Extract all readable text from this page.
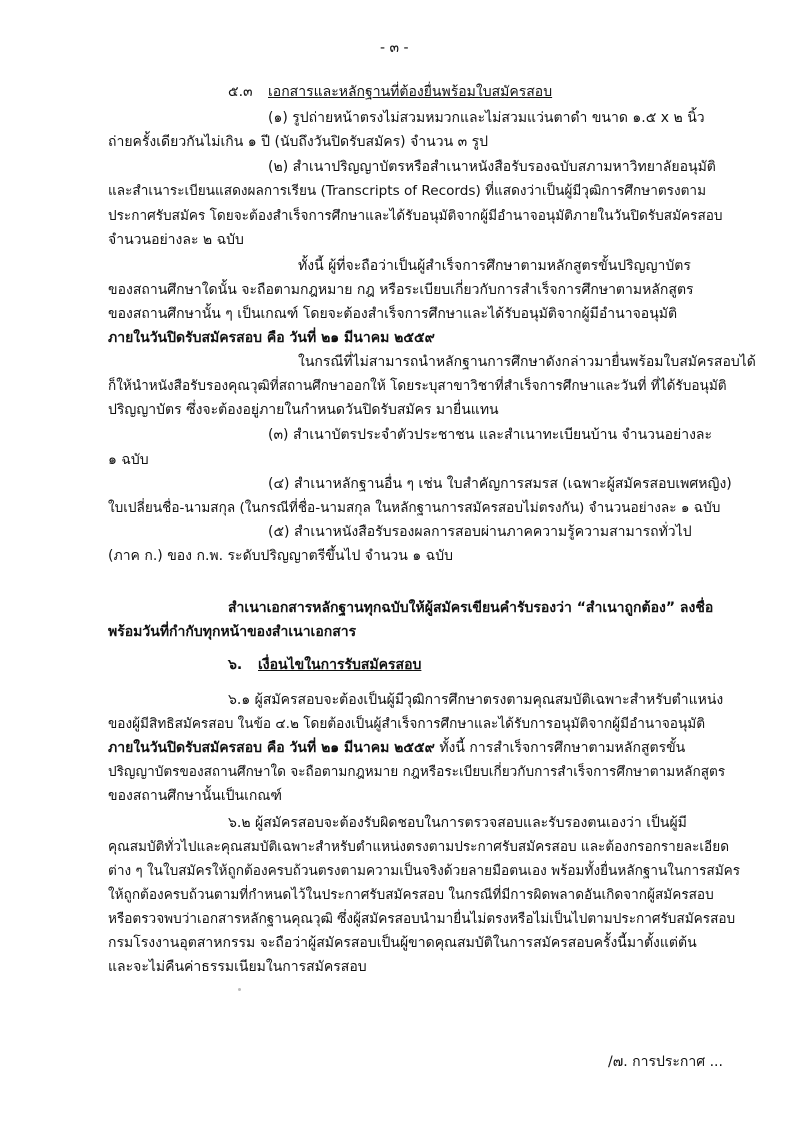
- ๓ -
๕.๓ เอกสารและหลักฐานที่ต้องยื่นพร้อมใบสมัครสอบ
(๑) รูปถ่ายหน้าตรงไม่สวมหมวกและไม่สวมแว่นตาดำ ขนาด ๑.๕ x ๒ นิ้ว
ถ่ายครั้งเดียวกันไม่เกิน ๑ ปี (นับถึงวันปิดรับสมัคร) จำนวน ๓ รูป
(๒) สำเนาปริญญาบัตรหรือสำเนาหนังสือรับรองฉบับสภามหาวิทยาลัยอนุมัติ
และสำเนาระเบียนแสดงผลการเรียน (Transcripts of Records) ที่แสดงว่าเป็นผู้มีวุฒิการศึกษาตรงตาม
ประกาศรับสมัคร โดยจะต้องสำเร็จการศึกษาและได้รับอนุมัติจากผู้มีอำนาจอนุมัติภายในวันปิดรับสมัครสอบ
จำนวนอย่างละ ๒ ฉบับ
ทั้งนี้ ผู้ที่จะถือว่าเป็นผู้สำเร็จการศึกษาตามหลักสูตรขั้นปริญญาบัตร
ของสถานศึกษาใดนั้น จะถือตามกฎหมาย กฎ หรือระเบียบเกี่ยวกับการสำเร็จการศึกษาตามหลักสูตร
ของสถานศึกษานั้น ๆ เป็นเกณฑ์ โดยจะต้องสำเร็จการศึกษาและได้รับอนุมัติจากผู้มีอำนาจอนุมัติ
ภายในวันปิดรับสมัครสอบ คือ วันที่ ๒๑ มีนาคม ๒๕๕๙
ในกรณีที่ไม่สามารถนำหลักฐานการศึกษาดังกล่าวมายื่นพร้อมใบสมัครสอบได้
ก็ให้นำหนังสือรับรองคุณวุฒิที่สถานศึกษาออกให้ โดยระบุสาขาวิชาที่สำเร็จการศึกษาและวันที่ ที่ได้รับอนุมัติ
ปริญญาบัตร ซึ่งจะต้องอยู่ภายในกำหนดวันปิดรับสมัคร มายื่นแทน
(๓) สำเนาบัตรประจำตัวประชาชน และสำเนาทะเบียนบ้าน จำนวนอย่างละ
๑ ฉบับ
(๔) สำเนาหลักฐานอื่น ๆ เช่น ใบสำคัญการสมรส (เฉพาะผู้สมัครสอบเพศหญิง)
ใบเปลี่ยนชื่อ-นามสกุล (ในกรณีที่ชื่อ-นามสกุล ในหลักฐานการสมัครสอบไม่ตรงกัน) จำนวนอย่างละ ๑ ฉบับ
(๕) สำเนาหนังสือรับรองผลการสอบผ่านภาคความรู้ความสามารถทั่วไป
(ภาค ก.) ของ ก.พ. ระดับปริญญาตรีขึ้นไป จำนวน ๑ ฉบับ
สำเนาเอกสารหลักฐานทุกฉบับให้ผู้สมัครเขียนคำรับรองว่า “สำเนาถูกต้อง” ลงชื่อ
พร้อมวันที่กำกับทุกหน้าของสำเนาเอกสาร
๖. เงื่อนไขในการรับสมัครสอบ
๖.๑ ผู้สมัครสอบจะต้องเป็นผู้มีวุฒิการศึกษาตรงตามคุณสมบัติเฉพาะสำหรับตำแหน่ง
ของผู้มีสิทธิสมัครสอบ ในข้อ ๔.๒ โดยต้องเป็นผู้สำเร็จการศึกษาและได้รับการอนุมัติจากผู้มีอำนาจอนุมัติ
ภายในวันปิดรับสมัครสอบ คือ วันที่ ๒๑ มีนาคม ๒๕๕๙ ทั้งนี้ การสำเร็จการศึกษาตามหลักสูตรขั้น
ปริญญาบัตรของสถานศึกษาใด จะถือตามกฎหมาย กฎหรือระเบียบเกี่ยวกับการสำเร็จการศึกษาตามหลักสูตร
ของสถานศึกษานั้นเป็นเกณฑ์
๖.๒ ผู้สมัครสอบจะต้องรับผิดชอบในการตรวจสอบและรับรองตนเองว่า เป็นผู้มี
คุณสมบัติทั่วไปและคุณสมบัติเฉพาะสำหรับตำแหน่งตรงตามประกาศรับสมัครสอบ และต้องกรอกรายละเอียด
ต่าง ๆ ในใบสมัครให้ถูกต้องครบถ้วนตรงตามความเป็นจริงด้วยลายมือตนเอง พร้อมทั้งยื่นหลักฐานในการสมัคร
ให้ถูกต้องครบถ้วนตามที่กำหนดไว้ในประกาศรับสมัครสอบ ในกรณีที่มีการผิดพลาดอันเกิดจากผู้สมัครสอบ
หรือตรวจพบว่าเอกสารหลักฐานคุณวุฒิ ซึ่งผู้สมัครสอบนำมายื่นไม่ตรงหรือไม่เป็นไปตามประกาศรับสมัครสอบ
กรมโรงงานอุตสาหกรรม จะถือว่าผู้สมัครสอบเป็นผู้ขาดคุณสมบัติในการสมัครสอบครั้งนี้มาตั้งแต่ต้น
และจะไม่คืนค่าธรรมเนียมในการสมัครสอบ
/๗. การประกาศ ...
